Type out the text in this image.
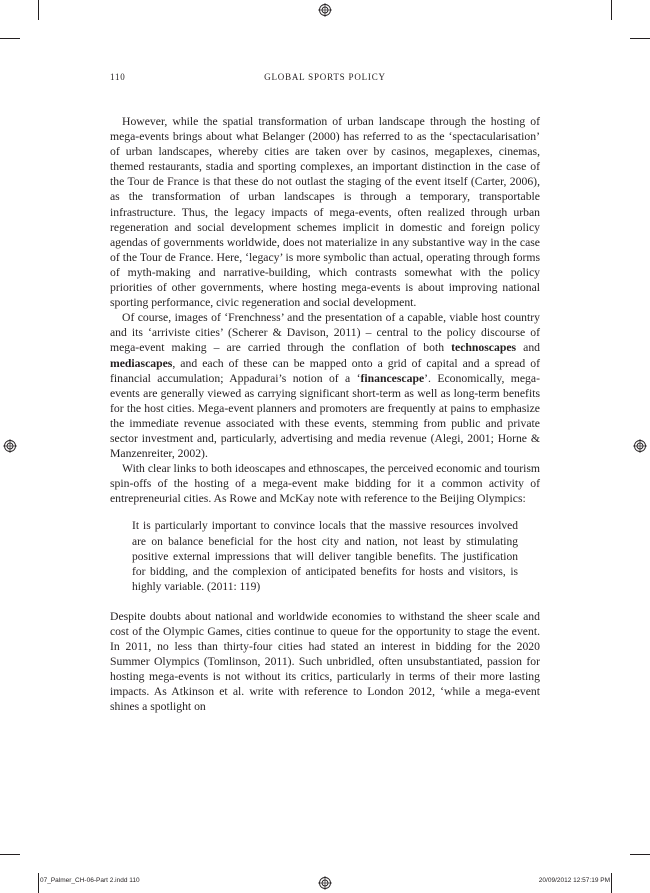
110	GLOBAL SPORTS POLICY

However, while the spatial transformation of urban landscape through the hosting of mega-events brings about what Belanger (2000) has referred to as the ‘spectacularisation’ of urban landscapes, whereby cities are taken over by casinos, megaplexes, cinemas, themed restaurants, stadia and sporting complexes, an important distinction in the case of the Tour de France is that these do not outlast the staging of the event itself (Carter, 2006), as the transformation of urban landscapes is through a temporary, transportable infrastructure. Thus, the legacy impacts of mega-events, often realized through urban regeneration and social development schemes implicit in domestic and foreign policy agendas of governments worldwide, does not materialize in any substantive way in the case of the Tour de France. Here, ‘legacy’ is more symbolic than actual, operating through forms of myth-making and narrative-building, which contrasts somewhat with the policy priorities of other governments, where hosting mega-events is about improving national sporting performance, civic regeneration and social development.

Of course, images of ‘Frenchness’ and the presentation of a capable, viable host country and its ‘arriviste cities’ (Scherer & Davison, 2011) – central to the policy discourse of mega-event making – are carried through the conflation of both technoscapes and mediascapes, and each of these can be mapped onto a grid of capital and a spread of financial accumulation; Appadurai’s notion of a ‘financescape’. Economically, mega-events are generally viewed as carrying significant short-term as well as long-term benefits for the host cities. Mega-event planners and promoters are frequently at pains to emphasize the immediate revenue associated with these events, stemming from public and private sector investment and, particularly, advertising and media revenue (Alegi, 2001; Horne & Manzenreiter, 2002).

With clear links to both ideoscapes and ethnoscapes, the perceived economic and tourism spin-offs of the hosting of a mega-event make bidding for it a common activity of entrepreneurial cities. As Rowe and McKay note with reference to the Beijing Olympics:

It is particularly important to convince locals that the massive resources involved are on balance beneficial for the host city and nation, not least by stimulating positive external impressions that will deliver tangible benefits. The justification for bidding, and the complexion of anticipated benefits for hosts and visitors, is highly variable. (2011: 119)

Despite doubts about national and worldwide economies to withstand the sheer scale and cost of the Olympic Games, cities continue to queue for the opportunity to stage the event. In 2011, no less than thirty-four cities had stated an interest in bidding for the 2020 Summer Olympics (Tomlinson, 2011). Such unbridled, often unsubstantiated, passion for hosting mega-events is not without its critics, particularly in terms of their more lasting impacts. As Atkinson et al. write with reference to London 2012, ‘while a mega-event shines a spotlight on

07_Palmer_CH-06-Part 2.indd 110	20/09/2012 12:57:19 PM
